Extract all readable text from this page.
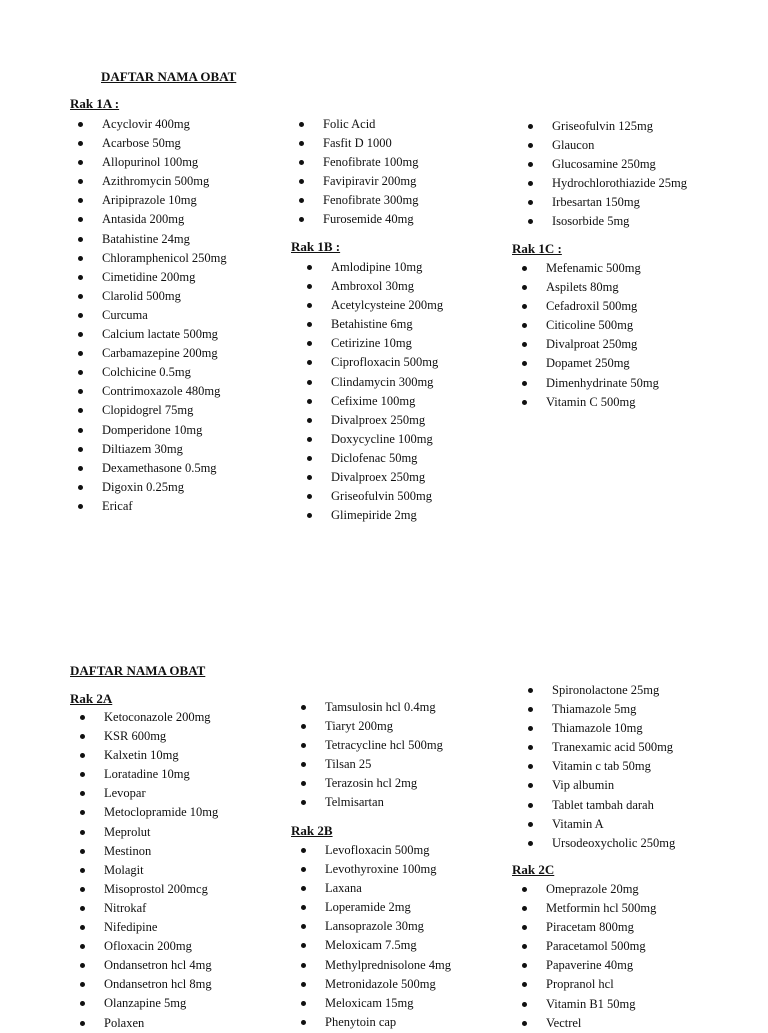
DAFTAR NAMA OBAT
Rak 1A :
Acyclovir 400mg
Acarbose 50mg
Allopurinol 100mg
Azithromycin 500mg
Aripiprazole 10mg
Antasida 200mg
Batahistine 24mg
Chloramphenicol 250mg
Cimetidine 200mg
Clarolid 500mg
Curcuma
Calcium lactate 500mg
Carbamazepine 200mg
Colchicine 0.5mg
Contrimoxazole 480mg
Clopidogrel 75mg
Domperidone 10mg
Diltiazem 30mg
Dexamethasone 0.5mg
Digoxin 0.25mg
Ericaf
Folic Acid
Fasfit D 1000
Fenofibrate 100mg
Favipiravir 200mg
Fenofibrate 300mg
Furosemide 40mg
Rak 1B :
Amlodipine 10mg
Ambroxol 30mg
Acetylcysteine 200mg
Betahistine 6mg
Cetirizine 10mg
Ciprofloxacin 500mg
Clindamycin 300mg
Cefixime 100mg
Divalproex 250mg
Doxycycline 100mg
Diclofenac 50mg
Divalproex 250mg
Griseofulvin 500mg
Glimepiride 2mg
Griseofulvin 125mg
Glaucon
Glucosamine 250mg
Hydrochlorothiazide 25mg
Irbesartan 150mg
Isosorbide 5mg
Rak 1C :
Mefenamic 500mg
Aspilets 80mg
Cefadroxil 500mg
Citicoline 500mg
Divalproat 250mg
Dopamet 250mg
Dimenhydrinate 50mg
Vitamin C 500mg
DAFTAR NAMA OBAT
Rak 2A
Ketoconazole 200mg
KSR 600mg
Kalxetin 10mg
Loratadine 10mg
Levopar
Metoclopramide 10mg
Meprolut
Mestinon
Molagit
Misoprostol 200mcg
Nitrokaf
Nifedipine
Ofloxacin 200mg
Ondansetron hcl 4mg
Ondansetron hcl 8mg
Olanzapine 5mg
Polaxen
Tamsulosin hcl 0.4mg
Tiaryt 200mg
Tetracycline hcl 500mg
Tilsan 25
Terazosin hcl 2mg
Telmisartan
Rak 2B
Levofloxacin 500mg
Levothyroxine 100mg
Laxana
Loperamide 2mg
Lansoprazole 30mg
Meloxicam 7.5mg
Methylprednisolone 4mg
Metronidazole 500mg
Meloxicam 15mg
Phenytoin cap
Spironolactone 25mg
Thiamazole 5mg
Thiamazole 10mg
Tranexamic acid 500mg
Vitamin c tab 50mg
Vip albumin
Tablet tambah darah
Vitamin A
Ursodeoxycholic 250mg
Rak 2C
Omeprazole 20mg
Metformin hcl 500mg
Piracetam 800mg
Paracetamol 500mg
Papaverine 40mg
Propranol hcl
Vitamin B1 50mg
Vectrel
